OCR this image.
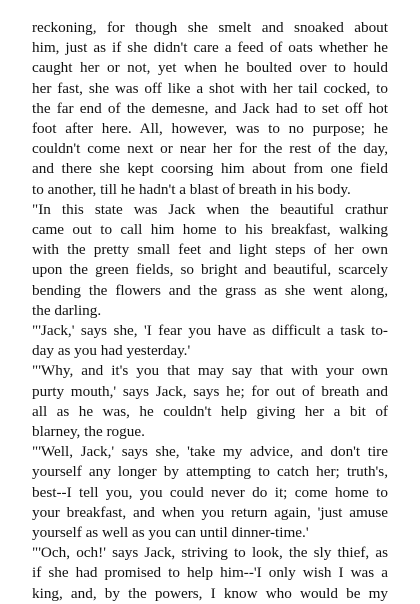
reckoning, for though she smelt and snoaked about
him, just as if she didn't care a feed of oats whether he
caught her or not, yet when he boulted over to hould
her fast, she was off like a shot with her tail cocked, to
the far end of the demesne, and Jack had to set off hot
foot after here. All, however, was to no purpose; he
couldn't come next or near her for the rest of the day,
and there she kept coorsing him about from one field
to another, till he hadn't a blast of breath in his body.

"In this state was Jack when the beautiful crathur
came out to call him home to his breakfast, walking
with the pretty small feet and light steps of her own
upon the green fields, so bright and beautiful, scarcely
bending the flowers and the grass as she went along,
the darling.

"'Jack,' says she, 'I fear you have as difficult a task to-
day as you had yesterday.'

"'Why, and it's you that may say that with your own
purty mouth,' says Jack, says he; for out of breath and
all as he was, he couldn't help giving her a bit of
blarney, the rogue.

"'Well, Jack,' says she, 'take my advice, and don't tire
yourself any longer by attempting to catch her; truth's,
best--I tell you, you could never do it; come home to
your breakfast, and when you return again, 'just amuse
yourself as well as you can until dinner-time.'

"'Och, och!' says Jack, striving to look, the sly thief, as
if she had promised to help him--'I only wish I was a
king, and, by the powers, I know who would be my
